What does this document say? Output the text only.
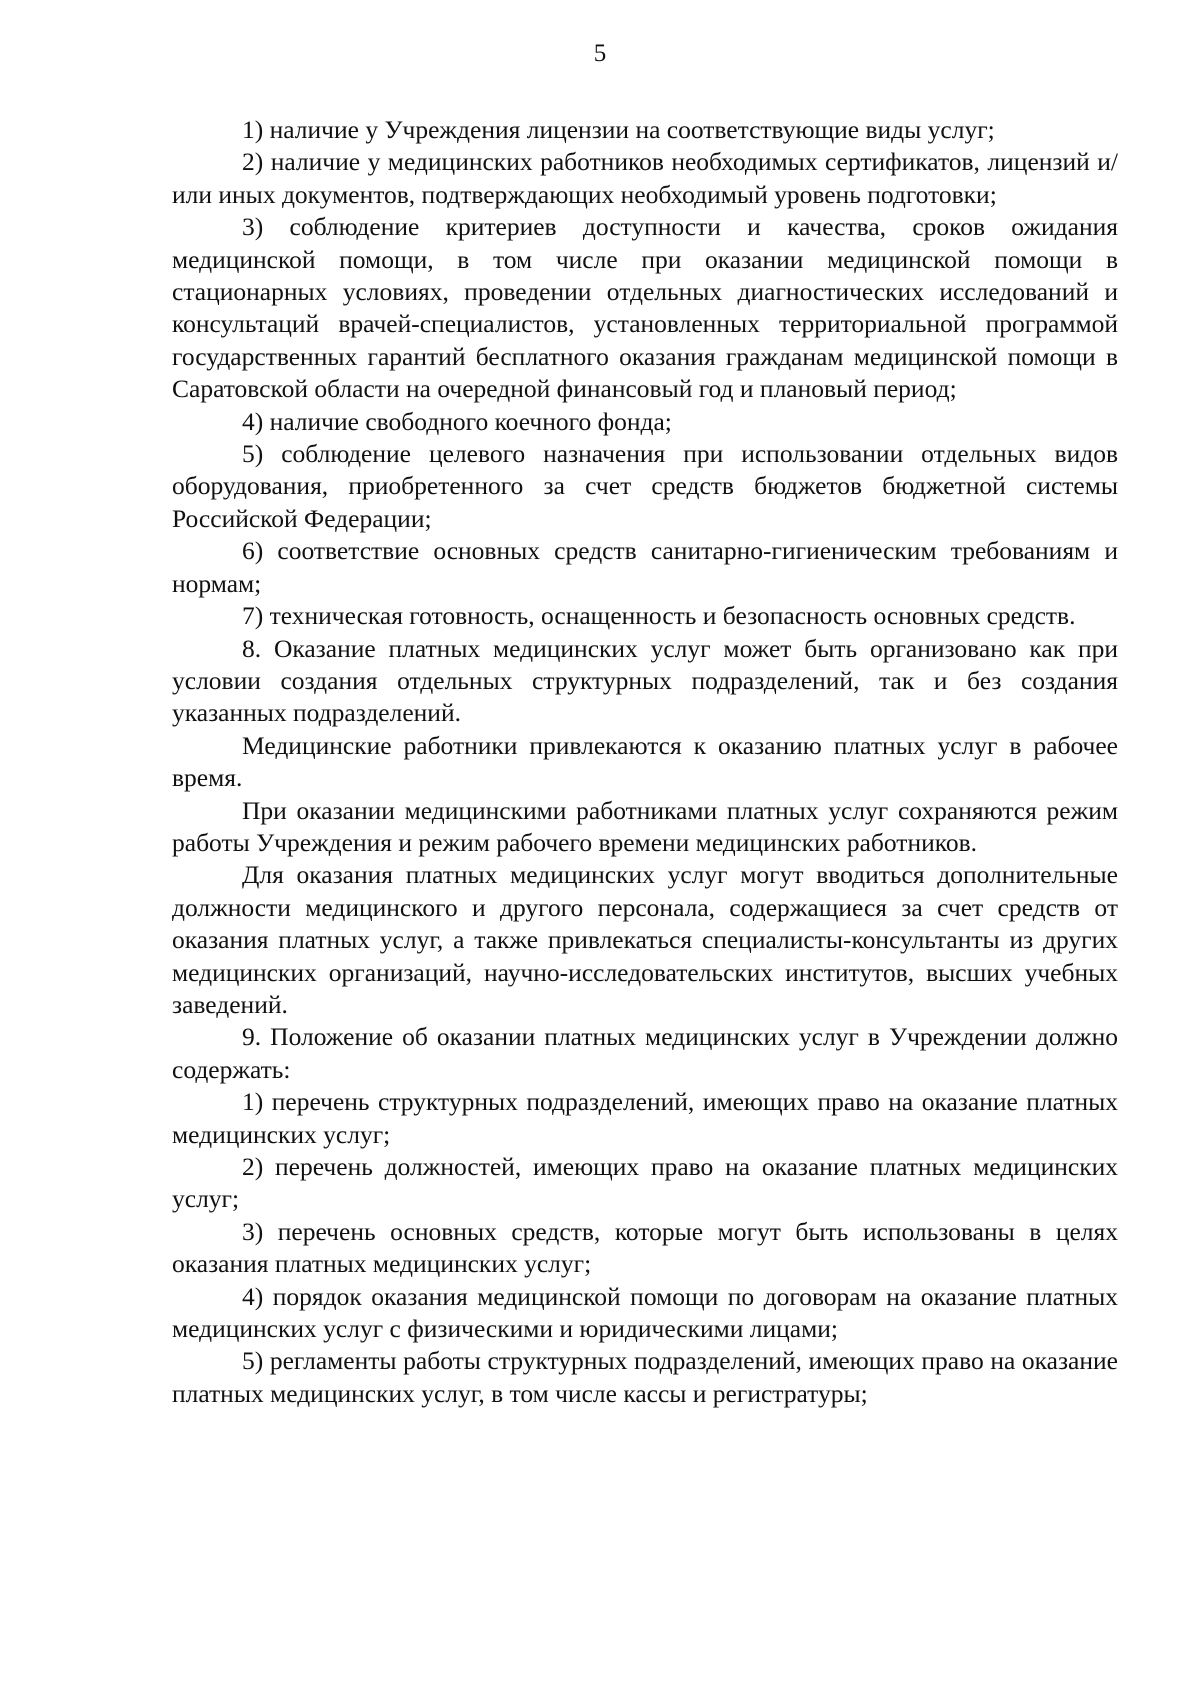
5

1) наличие у Учреждения лицензии на соответствующие виды услуг;

2) наличие у медицинских работников необходимых сертификатов, лицензий и/или иных документов, подтверждающих необходимый уровень подготовки;

3) соблюдение критериев доступности и качества, сроков ожидания медицинской помощи, в том числе при оказании медицинской помощи в стационарных условиях, проведении отдельных диагностических исследований и консультаций врачей-специалистов, установленных территориальной программой государственных гарантий бесплатного оказания гражданам медицинской помощи в Саратовской области на очередной финансовый год и плановый период;

4) наличие свободного коечного фонда;

5) соблюдение целевого назначения при использовании отдельных видов оборудования, приобретенного за счет средств бюджетов бюджетной системы Российской Федерации;

6) соответствие основных средств санитарно-гигиеническим требованиям и нормам;

7) техническая готовность, оснащенность и безопасность основных средств.

8. Оказание платных медицинских услуг может быть организовано как при условии создания отдельных структурных подразделений, так и без создания указанных подразделений.

Медицинские работники привлекаются к оказанию платных услуг в рабочее время.

При оказании медицинскими работниками платных услуг сохраняются режим работы Учреждения и режим рабочего времени медицинских работников.

Для оказания платных медицинских услуг могут вводиться дополнительные должности медицинского и другого персонала, содержащиеся за счет средств от оказания платных услуг, а также привлекаться специалисты-консультанты из других медицинских организаций, научно-исследовательских институтов, высших учебных заведений.

9. Положение об оказании платных медицинских услуг в Учреждении должно содержать:

1) перечень структурных подразделений, имеющих право на оказание платных медицинских услуг;

2) перечень должностей, имеющих право на оказание платных медицинских услуг;

3) перечень основных средств, которые могут быть использованы в целях оказания платных медицинских услуг;

4) порядок оказания медицинской помощи по договорам на оказание платных медицинских услуг с физическими и юридическими лицами;

5) регламенты работы структурных подразделений, имеющих право на оказание платных медицинских услуг, в том числе кассы и регистратуры;
